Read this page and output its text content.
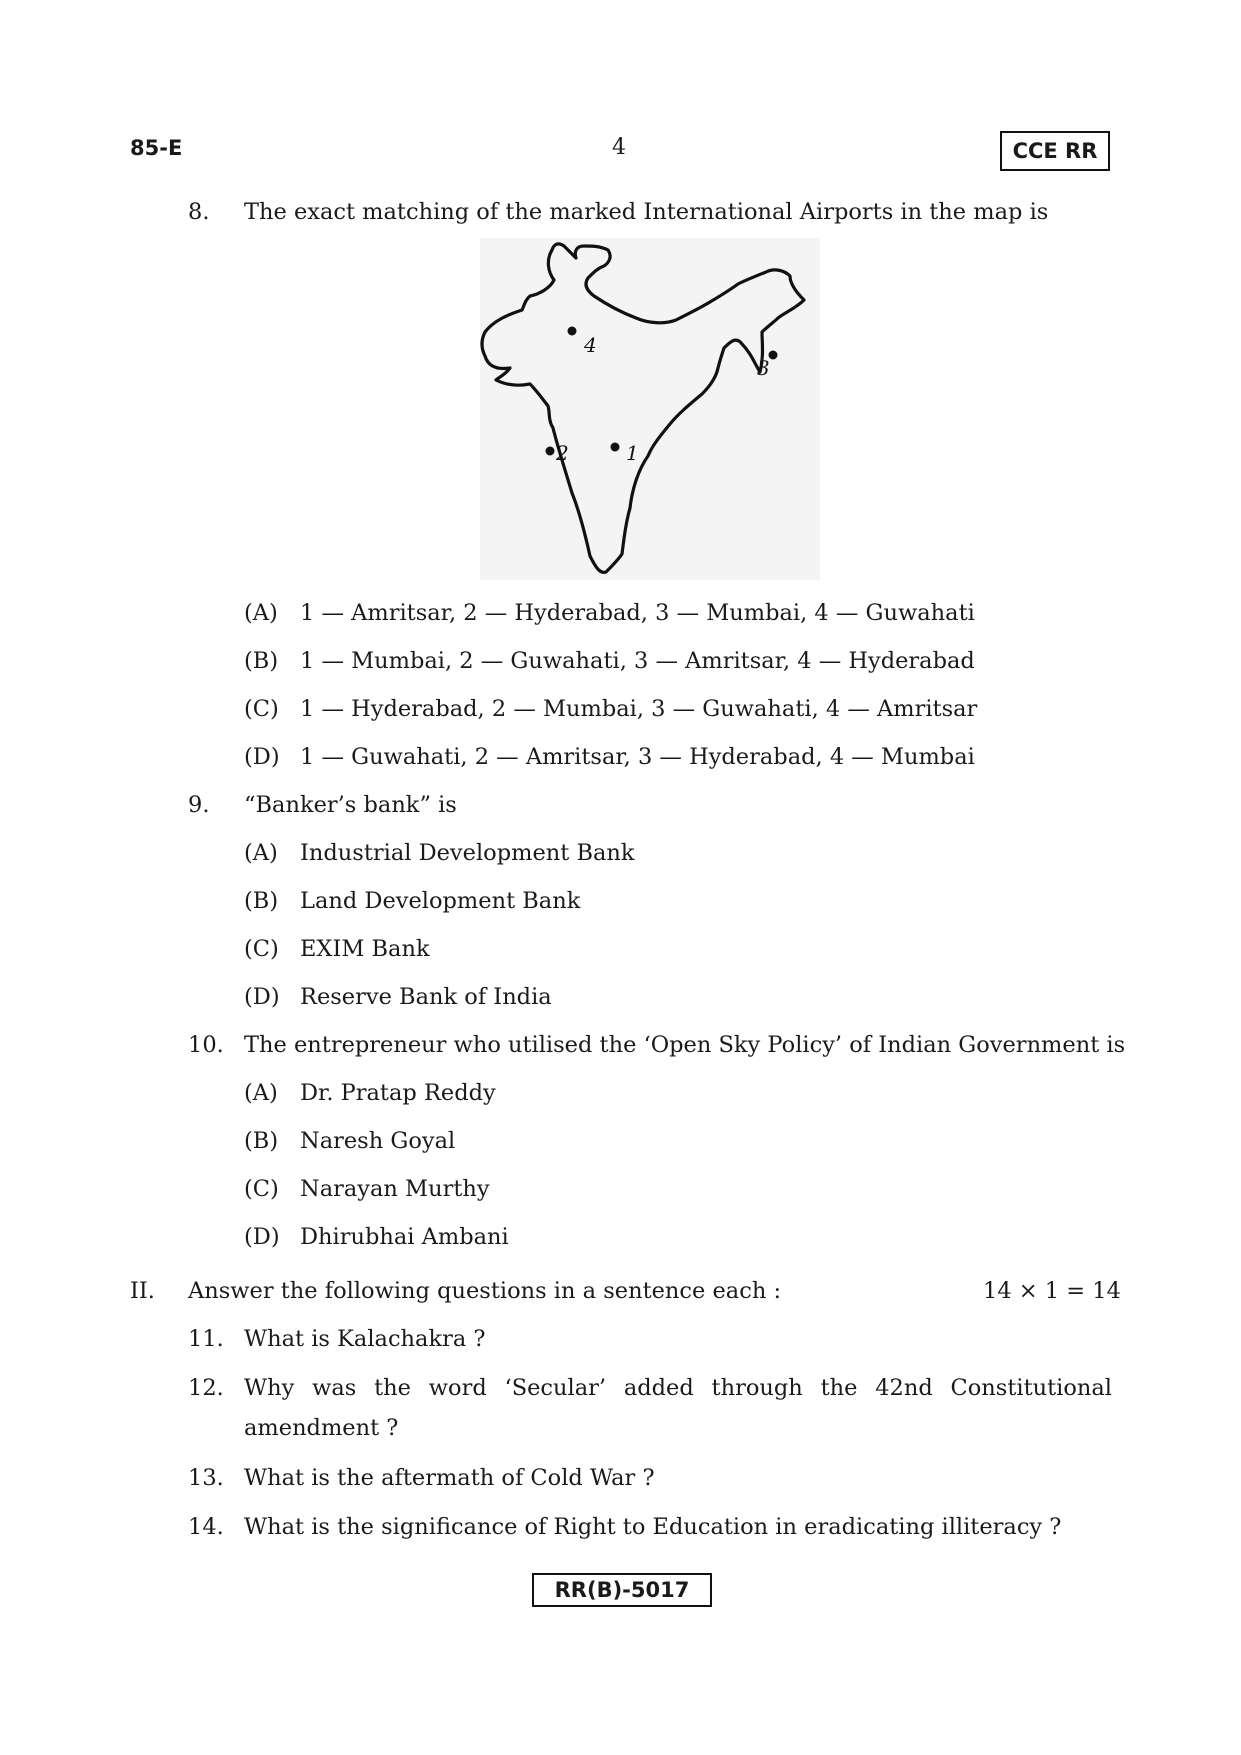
85-E	4	CCE RR
8. The exact matching of the marked International Airports in the map is
4
3
2	1
(A) 1 — Amritsar, 2 — Hyderabad, 3 — Mumbai, 4 — Guwahati
(B) 1 — Mumbai, 2 — Guwahati, 3 — Amritsar, 4 — Hyderabad
(C) 1 — Hyderabad, 2 — Mumbai, 3 — Guwahati, 4 — Amritsar
(D) 1 — Guwahati, 2 — Amritsar, 3 — Hyderabad, 4 — Mumbai
9. “Banker’s bank” is
(A) Industrial Development Bank
(B) Land Development Bank
(C) EXIM Bank
(D) Reserve Bank of India
10. The entrepreneur who utilised the ‘Open Sky Policy’ of Indian Government is
(A) Dr. Pratap Reddy
(B) Naresh Goyal
(C) Narayan Murthy
(D) Dhirubhai Ambani
II. Answer the following questions in a sentence each :	14 × 1 = 14
11. What is Kalachakra ?
12. Why was the word ‘Secular’ added through the 42nd Constitutional
amendment ?
13. What is the aftermath of Cold War ?
14. What is the significance of Right to Education in eradicating illiteracy ?
RR(B)-5017
